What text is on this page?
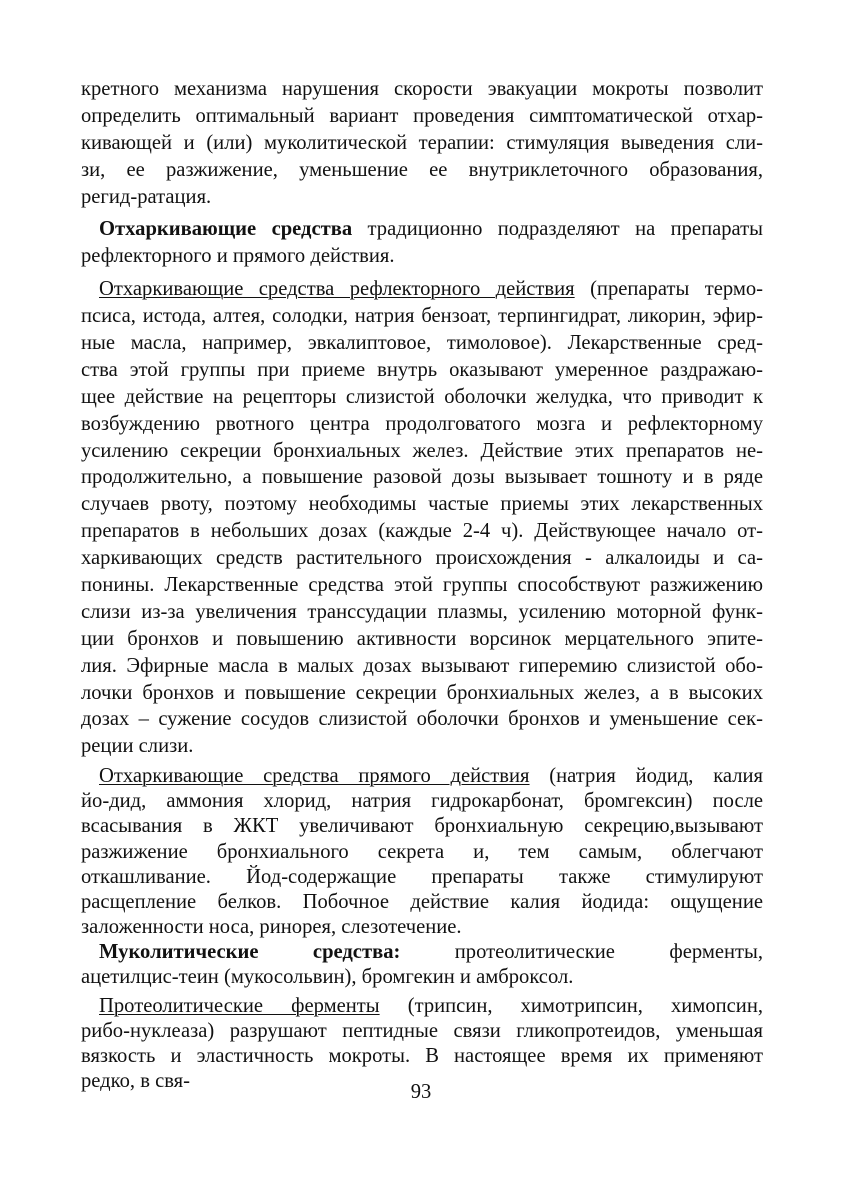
кретного механизма нарушения скорости эвакуации мокроты позволит
определить оптимальный вариант проведения симптоматической отхар-
кивающей и (или) муколитической терапии: стимуляция выведения сли-
зи, ее разжижение, уменьшение ее внутриклеточного образования,
регид-ратация.
Отхаркивающие средства традиционно подразделяют на препараты
рефлекторного и прямого действия.
Отхаркивающие средства рефлекторного действия (препараты термо-
псиса, истода, алтея, солодки, натрия бензоат, терпингидрат, ликорин, эфир-
ные масла, например, эвкалиптовое, тимоловое). Лекарственные сред-
ства этой группы при приеме внутрь оказывают умеренное раздражаю-
щее действие на рецепторы слизистой оболочки желудка, что приводит к
возбуждению рвотного центра продолговатого мозга и рефлекторному
усилению секреции бронхиальных желез. Действие этих препаратов не-
продолжительно, а повышение разовой дозы вызывает тошноту и в ряде
случаев рвоту, поэтому необходимы частые приемы этих лекарственных
препаратов в небольших дозах (каждые 2-4 ч). Действующее начало от-
харкивающих средств растительного происхождения - алкалоиды и са-
понины. Лекарственные средства этой группы способствуют разжижению
слизи из-за увеличения транссудации плазмы, усилению моторной функ-
ции бронхов и повышению активности ворсинок мерцательного эпите-
лия. Эфирные масла в малых дозах вызывают гиперемию слизистой обо-
лочки бронхов и повышение секреции бронхиальных желез, а в высоких
дозах – сужение сосудов слизистой оболочки бронхов и уменьшение сек-
реции слизи.
Отхаркивающие средства прямого действия (натрия йодид, калия
йо-дид, аммония хлорид, натрия гидрокарбонат, бромгексин) после
всасывания в ЖКТ увеличивают бронхиальную секрецию,вызывают
разжижение бронхиального секрета и, тем самым, облегчают
откашливание. Йод-содержащие препараты также стимулируют
расщепление белков. Побочное действие калия йодида: ощущение
заложенности носа, ринорея, слезотечение.
Муколитические средства: протеолитические ферменты,
ацетилцис-теин (мукосольвин), бромгекин и амброксол.
Протеолитические ферменты (трипсин, химотрипсин, химопсин,
рибо-нуклеаза) разрушают пептидные связи гликопротеидов, уменьшая
вязкость и эластичность мокроты. В настоящее время их применяют
редко, в свя-	93
